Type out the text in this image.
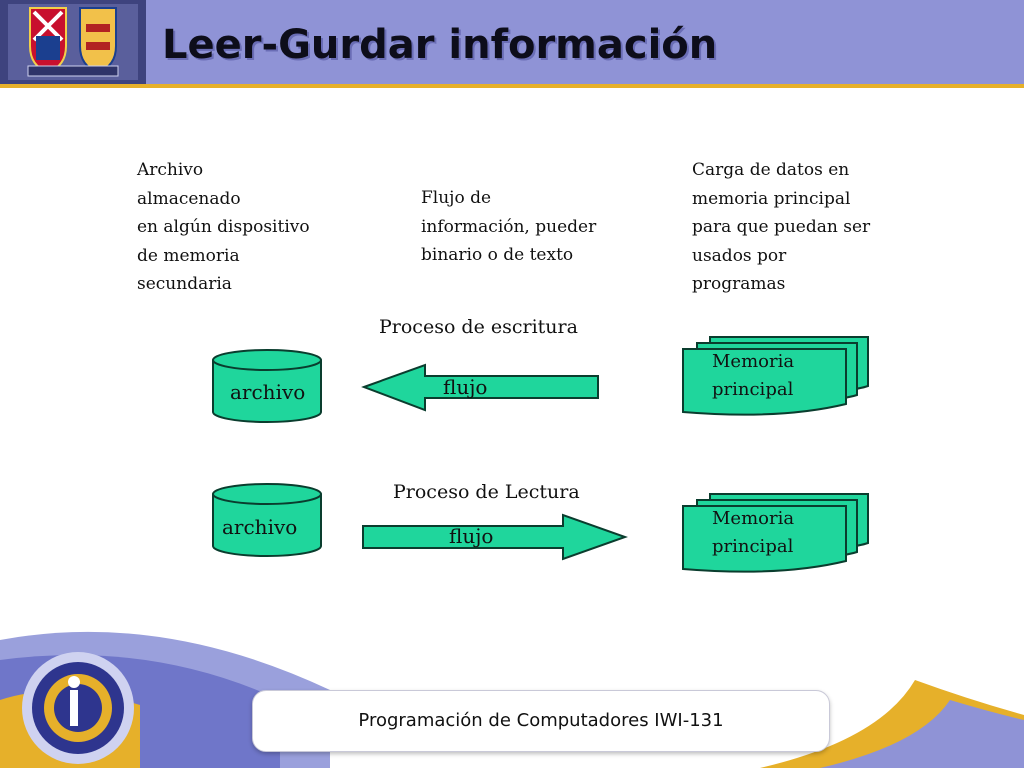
Leer-Gurdar información
Archivo
almacenado
en algún dispositivo
de memoria
secundaria
Flujo de
información, pueder
binario o de texto
Carga de datos en
memoria principal
para que puedan ser
usados por
programas
Proceso de escritura
Proceso de Lectura
archivo	flujo
Memoria
principal
archivo	flujo
Memoria
principal
Programación de Computadores IWI-131
